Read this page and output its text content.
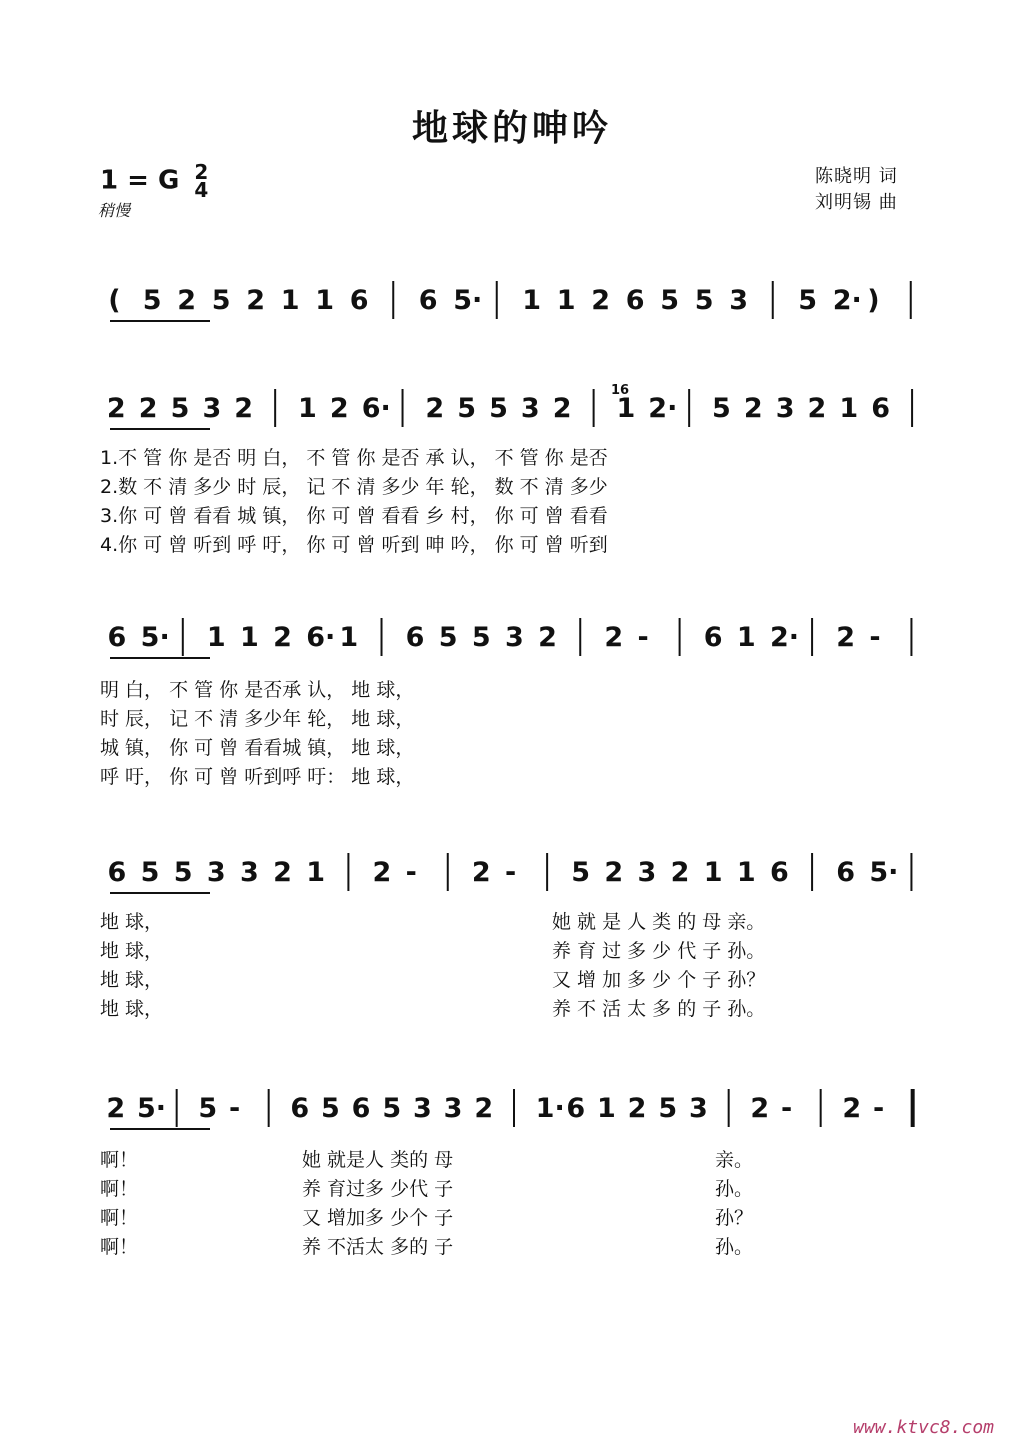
地球的呻吟
1 = G 2
4
稍慢
陈晓明 词
刘明锡 曲
( 5 2 5 2 1 1 6 6 5· 1 1 2 6 5 5 3 5 2· )
2 2 5 3 2 1 2 6· 2 5 5 3 2 1 2· 5 2 3 2 1 6
1.不 管 你 是否 明 白， 不 管 你 是否 承 认， 不 管 你 是否
2.数 不 清 多少 时 辰， 记 不 清 多少 年 轮， 数 不 清 多少
3.你 可 曾 看看 城 镇， 你 可 曾 看看 乡 村， 你 可 曾 看看
4.你 可 曾 听到 呼 吁， 你 可 曾 听到 呻 吟， 你 可 曾 听到
6 5· 1 1 2 6· 1 6 5 5 3 2 2 - 6 1 2· 2 -
明 白， 不 管 你 是否承 认， 地 球，
时 辰， 记 不 清 多少年 轮， 地 球，
城 镇， 你 可 曾 看看城 镇， 地 球，
呼 吁， 你 可 曾 听到呼 吁： 地 球，
6 5 5 3 3 2 1 2 - 2 - 5 2 3 2 1 1 6 6 5·
地 球，
地 球，
地 球，
地 球，
她 就 是 人 类 的 母 亲。
养 育 过 多 少 代 子 孙。
又 增 加 多 少 个 子 孙？
养 不 活 太 多 的 子 孙。
2 5· 5 - 6 5 6 5 3 3 2 1· 6 1 2 5 3 2 - 2 -
啊！
啊！
啊！
啊！
她 就是人 类的 母
养 育过多 少代 子
又 增加多 少个 子
养 不活太 多的 子
亲。
孙。
孙？
孙。
16
www.ktvc8.com
